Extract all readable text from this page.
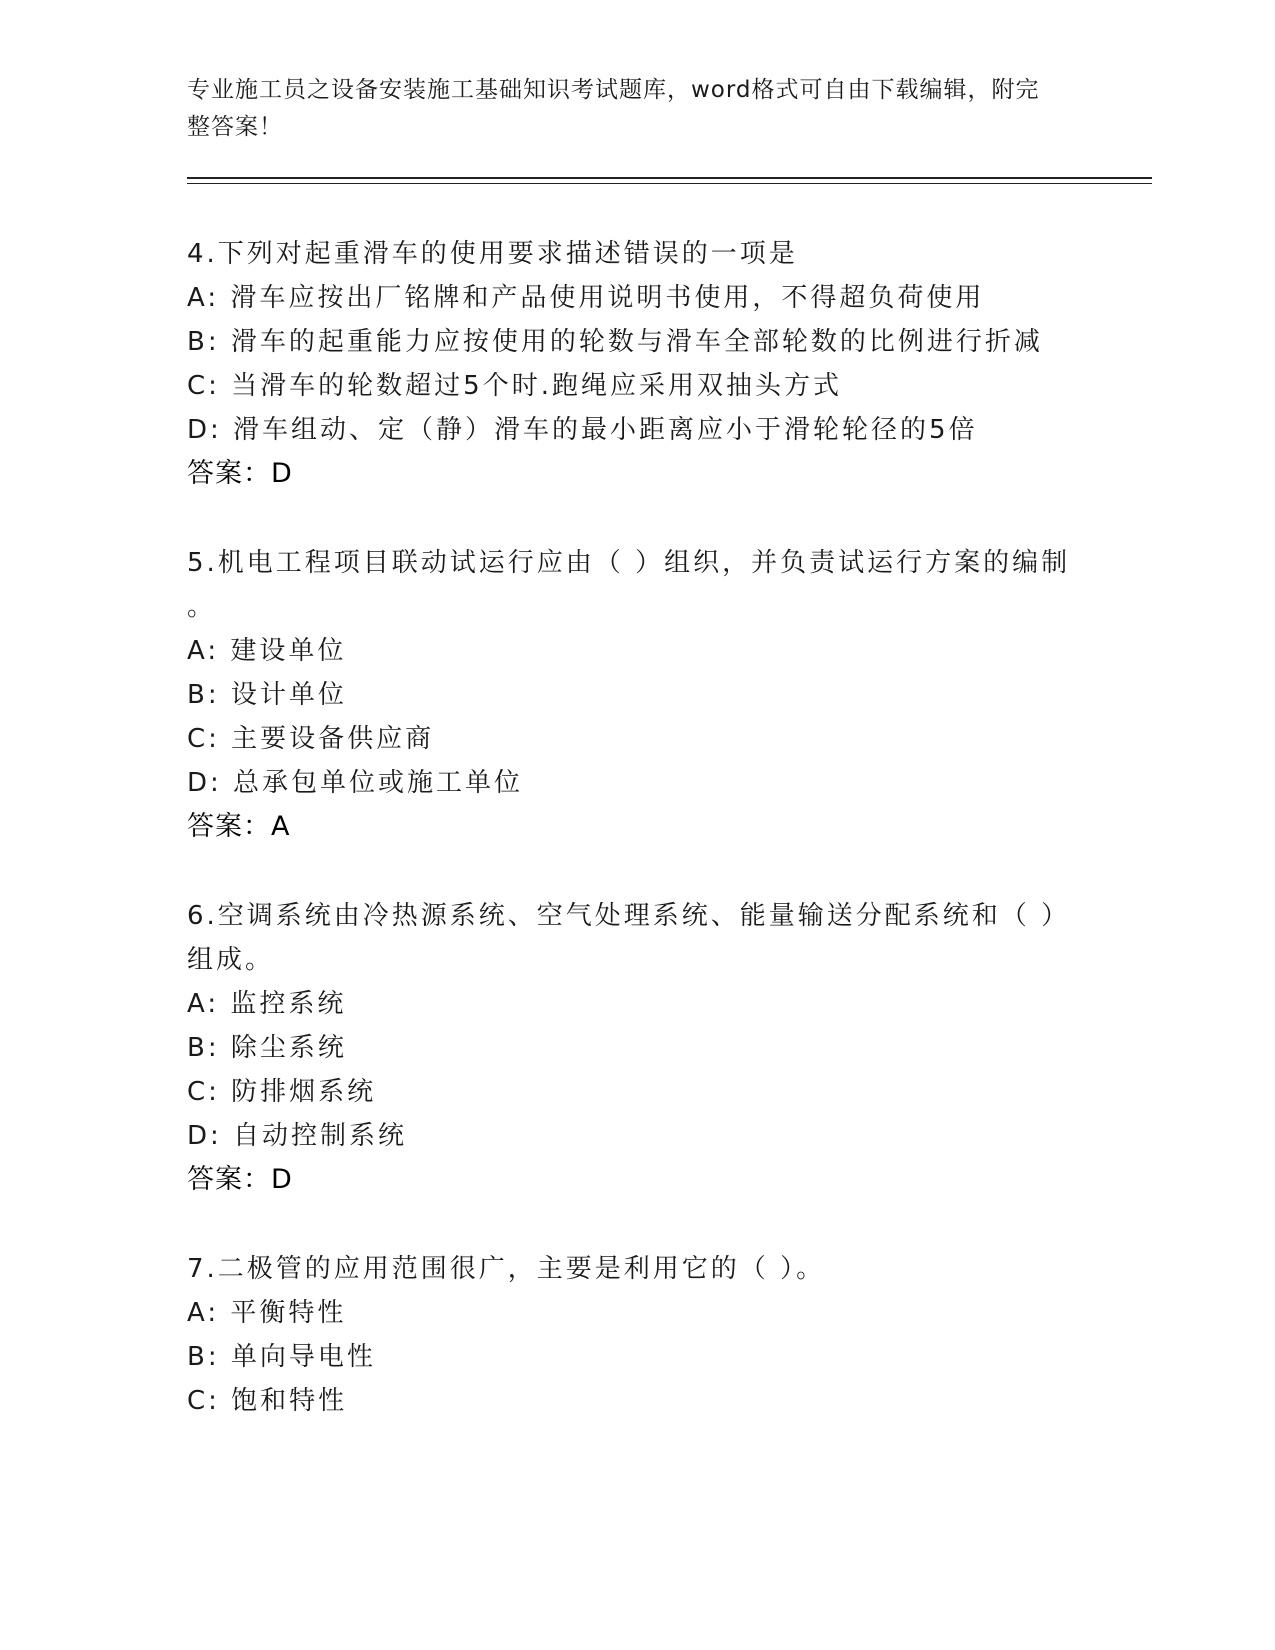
专业施工员之设备安装施工基础知识考试题库，word格式可自由下载编辑，附完
整答案！
4.下列对起重滑车的使用要求描述错误的一项是
A: 滑车应按出厂铭牌和产品使用说明书使用，不得超负荷使用
B: 滑车的起重能力应按使用的轮数与滑车全部轮数的比例进行折减
C: 当滑车的轮数超过5个时.跑绳应采用双抽头方式
D: 滑车组动、定（静）滑车的最小距离应小于滑轮轮径的5倍
答案：D
5.机电工程项目联动试运行应由（ ）组织，并负责试运行方案的编制
。
A: 建设单位
B: 设计单位
C: 主要设备供应商
D: 总承包单位或施工单位
答案：A
6.空调系统由冷热源系统、空气处理系统、能量输送分配系统和（ ）
组成。
A: 监控系统
B: 除尘系统
C: 防排烟系统
D: 自动控制系统
答案：D
7.二极管的应用范围很广，主要是利用它的（ ）。
A: 平衡特性
B: 单向导电性
C: 饱和特性
